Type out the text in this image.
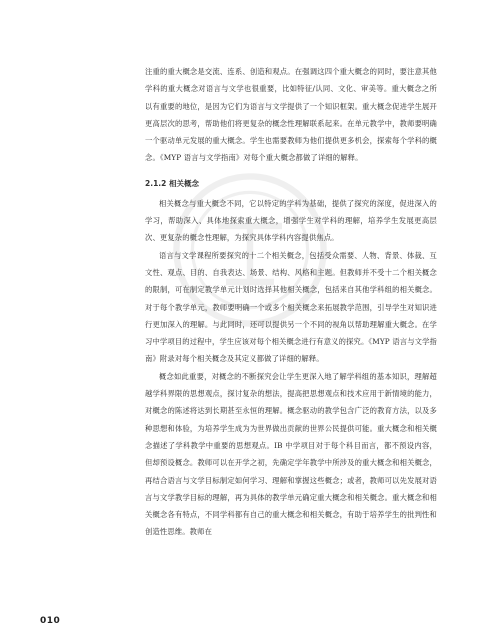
注重的重大概念是交流、连系、创造和观点。在强调这四个重大概念的同时，要注意其他学科的重大概念对语言与文学也很重要，比如特征/认同、文化、审美等。重大概念之所以有重要的地位，是因为它们为语言与文学提供了一个知识框架。重大概念促进学生展开更高层次的思考，帮助他们将更复杂的概念性理解联系起来。在单元教学中，教师要明确一个驱动单元发展的重大概念。学生也需要教师为他们提供更多机会，探索每个学科的概念。《MYP 语言与文学指南》对每个重大概念都做了详细的解释。

2.1.2 相关概念

相关概念与重大概念不同，它以特定的学科为基础，提供了探究的深度，促进深入的学习，帮助深入、具体地探索重大概念，增强学生对学科的理解，培养学生发展更高层次、更复杂的概念性理解，为探究具体学科内容提供焦点。

语言与文学课程所要探究的十二个相关概念，包括受众需要、人物、背景、体裁、互文性、观点、目的、自我表达、场景、结构、风格和主题。但教师并不受十二个相关概念的限制，可在制定教学单元计划时选择其他相关概念，包括来自其他学科组的相关概念。对于每个教学单元，教师要明确一个或多个相关概念来拓展教学范围，引导学生对知识进行更加深入的理解。与此同时，还可以提供另一个不同的视角以帮助理解重大概念。在学习中学项目的过程中，学生应该对每个相关概念进行有意义的探究。《MYP 语言与文学指南》附录对每个相关概念及其定义都做了详细的解释。

概念如此重要，对概念的不断探究会让学生更深入地了解学科组的基本知识，理解超越学科界限的思想观点，探讨复杂的想法，提高把思想观点和技术应用于新情境的能力，对概念的陈述将达到长期甚至永恒的理解。概念驱动的教学包含广泛的教育方法，以及多种思想和体验，为培养学生成为为世界做出贡献的世界公民提供可能。重大概念和相关概念描述了学科教学中重要的思想观点。IB 中学项目对于每个科目而言，都不预设内容，但却预设概念。教师可以在开学之初，先确定学年教学中所涉及的重大概念和相关概念，再结合语言与文学目标制定如何学习、理解和掌握这些概念；或者，教师可以先发展对语言与文学教学目标的理解，再为具体的教学单元确定重大概念和相关概念。重大概念和相关概念各有特点，不同学科都有自己的重大概念和相关概念，有助于培养学生的批判性和创造性思维。教师在

010
